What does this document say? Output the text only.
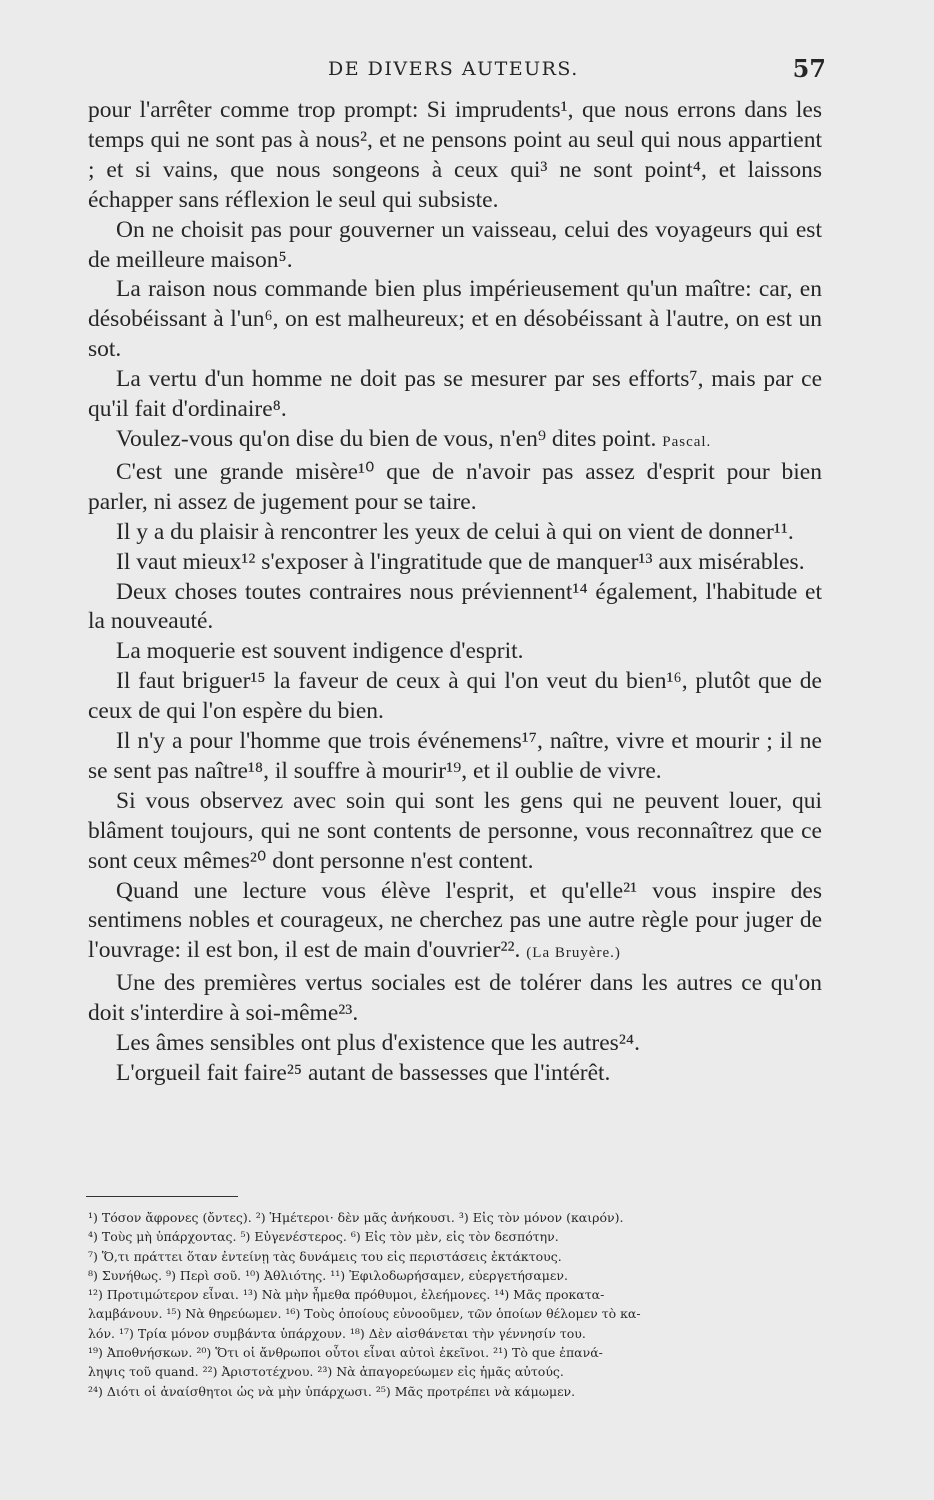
DE DIVERS AUTEURS.	57

pour l'arrêter comme trop prompt: Si imprudents¹, que nous errons dans les temps qui ne sont pas à nous², et ne pensons point au seul qui nous appartient ; et si vains, que nous songeons à ceux qui³ ne sont point⁴, et laissons échapper sans réflexion le seul qui subsiste.

On ne choisit pas pour gouverner un vaisseau, celui des voyageurs qui est de meilleure maison⁵.

La raison nous commande bien plus impérieusement qu'un maître: car, en désobéissant à l'un⁶, on est malheureux; et en désobéissant à l'autre, on est un sot.

La vertu d'un homme ne doit pas se mesurer par ses efforts⁷, mais par ce qu'il fait d'ordinaire⁸.

Voulez-vous qu'on dise du bien de vous, n'en⁹ dites point. Pascal.

C'est une grande misère¹⁰ que de n'avoir pas assez d'esprit pour bien parler, ni assez de jugement pour se taire.

Il y a du plaisir à rencontrer les yeux de celui à qui on vient de donner¹¹.

Il vaut mieux¹² s'exposer à l'ingratitude que de manquer¹³ aux misérables.

Deux choses toutes contraires nous préviennent¹⁴ également, l'habitude et la nouveauté.

La moquerie est souvent indigence d'esprit.

Il faut briguer¹⁵ la faveur de ceux à qui l'on veut du bien¹⁶, plutôt que de ceux de qui l'on espère du bien.

Il n'y a pour l'homme que trois événemens¹⁷, naître, vivre et mourir ; il ne se sent pas naître¹⁸, il souffre à mourir¹⁹, et il oublie de vivre.

Si vous observez avec soin qui sont les gens qui ne peuvent louer, qui blâment toujours, qui ne sont contents de personne, vous reconnaîtrez que ce sont ceux mêmes²⁰ dont personne n'est content.

Quand une lecture vous élève l'esprit, et qu'elle²¹ vous inspire des sentimens nobles et courageux, ne cherchez pas une autre règle pour juger de l'ouvrage: il est bon, il est de main d'ouvrier²². (La Bruyère.)

Une des premières vertus sociales est de tolérer dans les autres ce qu'on doit s'interdire à soi-même²³.

Les âmes sensibles ont plus d'existence que les autres²⁴.

L'orgueil fait faire²⁵ autant de bassesses que l'intérêt.

¹) Τόσον ἄφρονες (ὄντες). ²) Ἡμέτεροι· δὲν μᾶς ἀνήκουσι. ³) Εἰς τὸν μόνον (καιρόν).
⁴) Τοὺς μὴ ὑπάρχοντας. ⁵) Εὐγενέστερος. ⁶) Εἰς τὸν μὲν, εἰς τὸν δεσπότην.
⁷) Ὅ,τι πράττει ὅταν ἐντείνῃ τὰς δυνάμεις του εἰς περιστάσεις ἐκτάκτους.
⁸) Συνήθως. ⁹) Περὶ σοῦ. ¹⁰) Ἀθλιότης. ¹¹) Ἐφιλοδωρήσαμεν, εὐεργετήσαμεν.
¹²) Προτιμώτερον εἶναι. ¹³) Νὰ μὴν ἦμεθα πρόθυμοι, ἐλεήμονες. ¹⁴) Μᾶς προκατα-
λαμβάνουν. ¹⁵) Νὰ θηρεύωμεν. ¹⁶) Τοὺς ὁποίους εὐνοοῦμεν, τῶν ὁποίων θέλομεν τὸ κα-
λόν. ¹⁷) Τρία μόνον συμβάντα ὑπάρχουν. ¹⁸) Δὲν αἰσθάνεται τὴν γέννησίν του.
¹⁹) Ἀποθνήσκων. ²⁰) Ὅτι οἱ ἄνθρωποι οὗτοι εἶναι αὐτοὶ ἐκεῖνοι. ²¹) Τὸ que ἐπανά-
ληψις τοῦ quand. ²²) Ἀριστοτέχνου. ²³) Νὰ ἀπαγορεύωμεν εἰς ἡμᾶς αὐτούς.
²⁴) Διότι οἱ ἀναίσθητοι ὡς νὰ μὴν ὑπάρχωσι. ²⁵) Μᾶς προτρέπει νὰ κάμωμεν.
